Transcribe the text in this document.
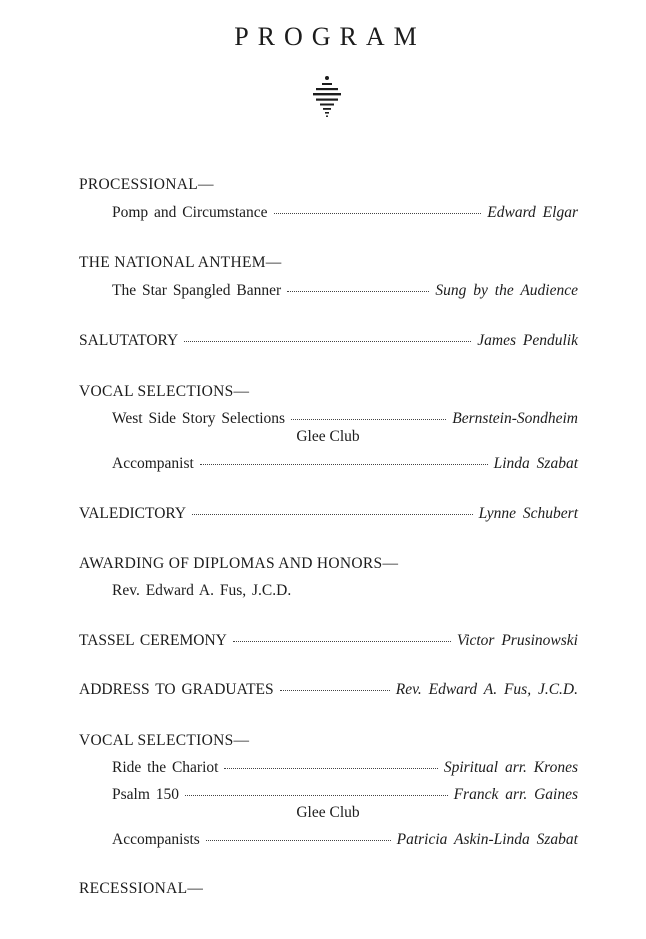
PROGRAM
PROCESSIONAL—
Pomp and Circumstance	Edward Elgar
THE NATIONAL ANTHEM—
The Star Spangled Banner	Sung by the Audience
SALUTATORY	James Pendulik
VOCAL SELECTIONS—
West Side Story Selections	Bernstein-Sondheim
Glee Club
Accompanist	Linda Szabat
VALEDICTORY	Lynne Schubert
AWARDING OF DIPLOMAS AND HONORS—
Rev. Edward A. Fus, J.C.D.
TASSEL CEREMONY	Victor Prusinowski
ADDRESS TO GRADUATES	Rev. Edward A. Fus, J.C.D.
VOCAL SELECTIONS—
Ride the Chariot	Spiritual arr. Krones
Psalm 150	Franck arr. Gaines
Glee Club
Accompanists	Patricia Askin-Linda Szabat
RECESSIONAL—
